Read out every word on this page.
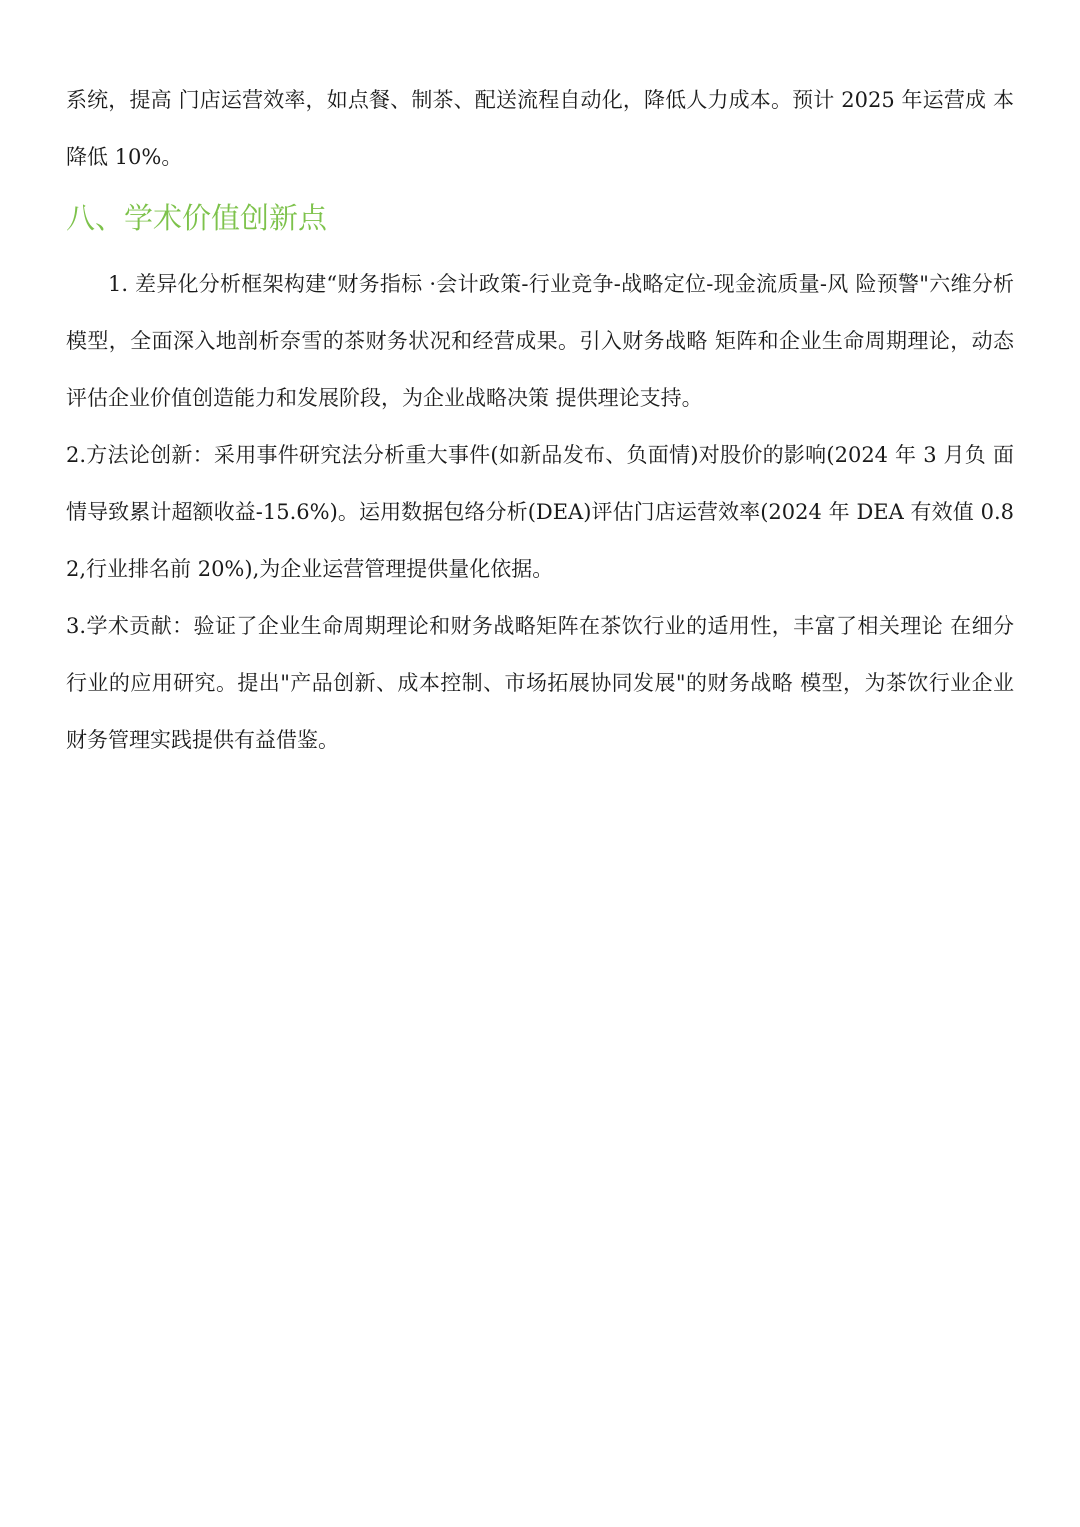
系统，提高 门店运营效率，如点餐、制茶、配送流程自动化，降低人力成本。预计 2025 年运营成 本降低 10%。

八、学术价值创新点

1. 差异化分析框架构建“财务指标 ·会计政策-行业竞争-战略定位-现金流质量-风 险预警"六维分析模型，全面深入地剖析奈雪的茶财务状况和经营成果。引入财务战略 矩阵和企业生命周期理论，动态评估企业价值创造能力和发展阶段，为企业战略决策 提供理论支持。

2.方法论创新：采用事件研究法分析重大事件(如新品发布、负面情)对股价的影响(2024 年 3 月负 面情导致累计超额收益-15.6%)。运用数据包络分析(DEA)评估门店运营效率(2024 年 DEA 有效值 0.82,行业排名前 20%),为企业运营管理提供量化依据。

3.学术贡献：验证了企业生命周期理论和财务战略矩阵在茶饮行业的适用性，丰富了相关理论 在细分行业的应用研究。提出"产品创新、成本控制、市场拓展协同发展"的财务战略 模型，为茶饮行业企业财务管理实践提供有益借鉴。
